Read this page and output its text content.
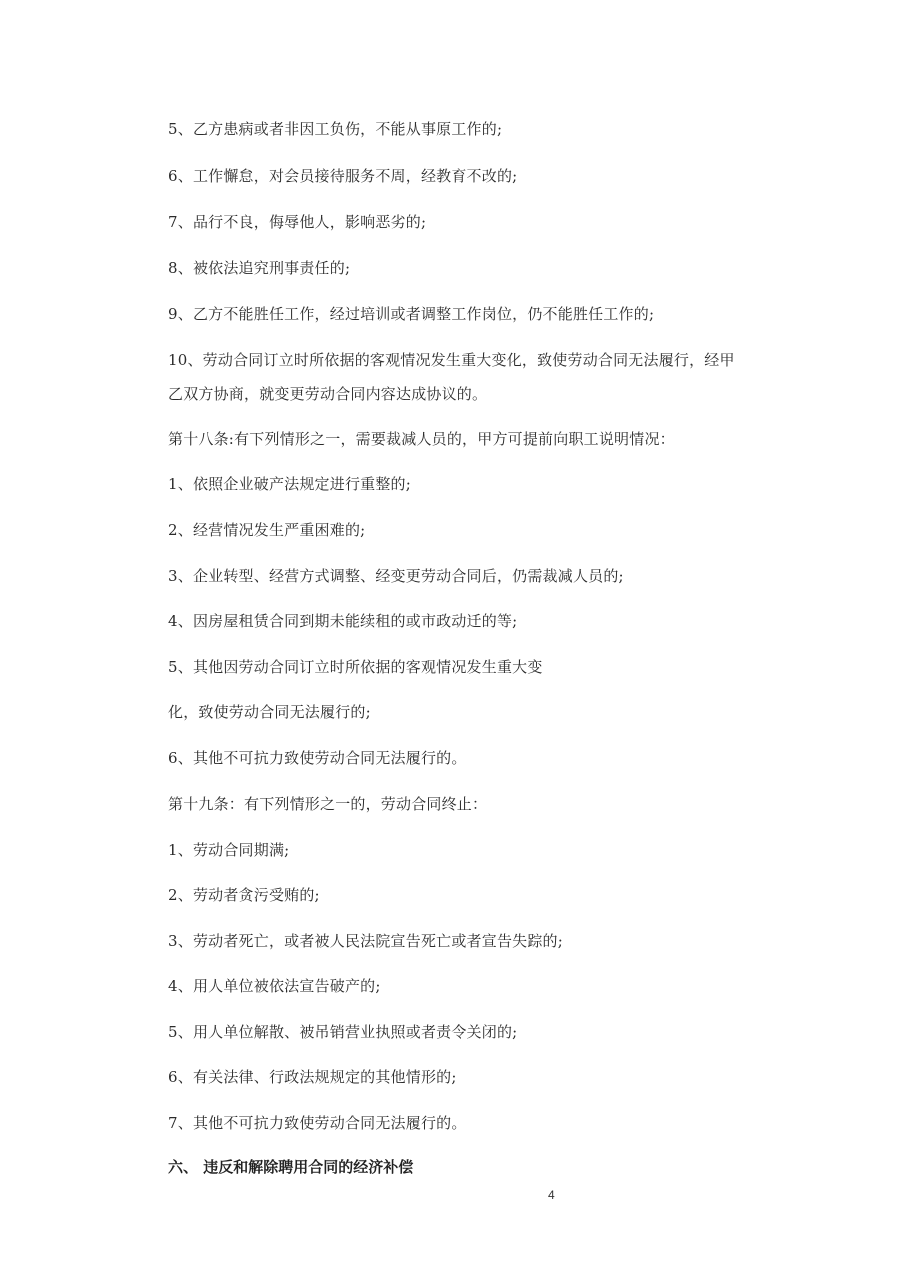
5、乙方患病或者非因工负伤，不能从事原工作的;
6、工作懈怠，对会员接待服务不周，经教育不改的;
7、品行不良，侮辱他人，影响恶劣的;
8、被依法追究刑事责任的;
9、乙方不能胜任工作，经过培训或者调整工作岗位，仍不能胜任工作的;
10、劳动合同订立时所依据的客观情况发生重大变化，致使劳动合同无法履行，经甲
乙双方协商，就变更劳动合同内容达成协议的。
第十八条:有下列情形之一，需要裁减人员的，甲方可提前向职工说明情况：
1、依照企业破产法规定进行重整的;
2、经营情况发生严重困难的;
3、企业转型、经营方式调整、经变更劳动合同后，仍需裁减人员的;
4、因房屋租赁合同到期未能续租的或市政动迁的等;
5、其他因劳动合同订立时所依据的客观情况发生重大变
化，致使劳动合同无法履行的;
6、其他不可抗力致使劳动合同无法履行的。
第十九条：有下列情形之一的，劳动合同终止：
1、劳动合同期满;
2、劳动者贪污受贿的;
3、劳动者死亡，或者被人民法院宣告死亡或者宣告失踪的;
4、用人单位被依法宣告破产的;
5、用人单位解散、被吊销营业执照或者责令关闭的;
6、有关法律、行政法规规定的其他情形的;
7、其他不可抗力致使劳动合同无法履行的。
六、 违反和解除聘用合同的经济补偿
4
